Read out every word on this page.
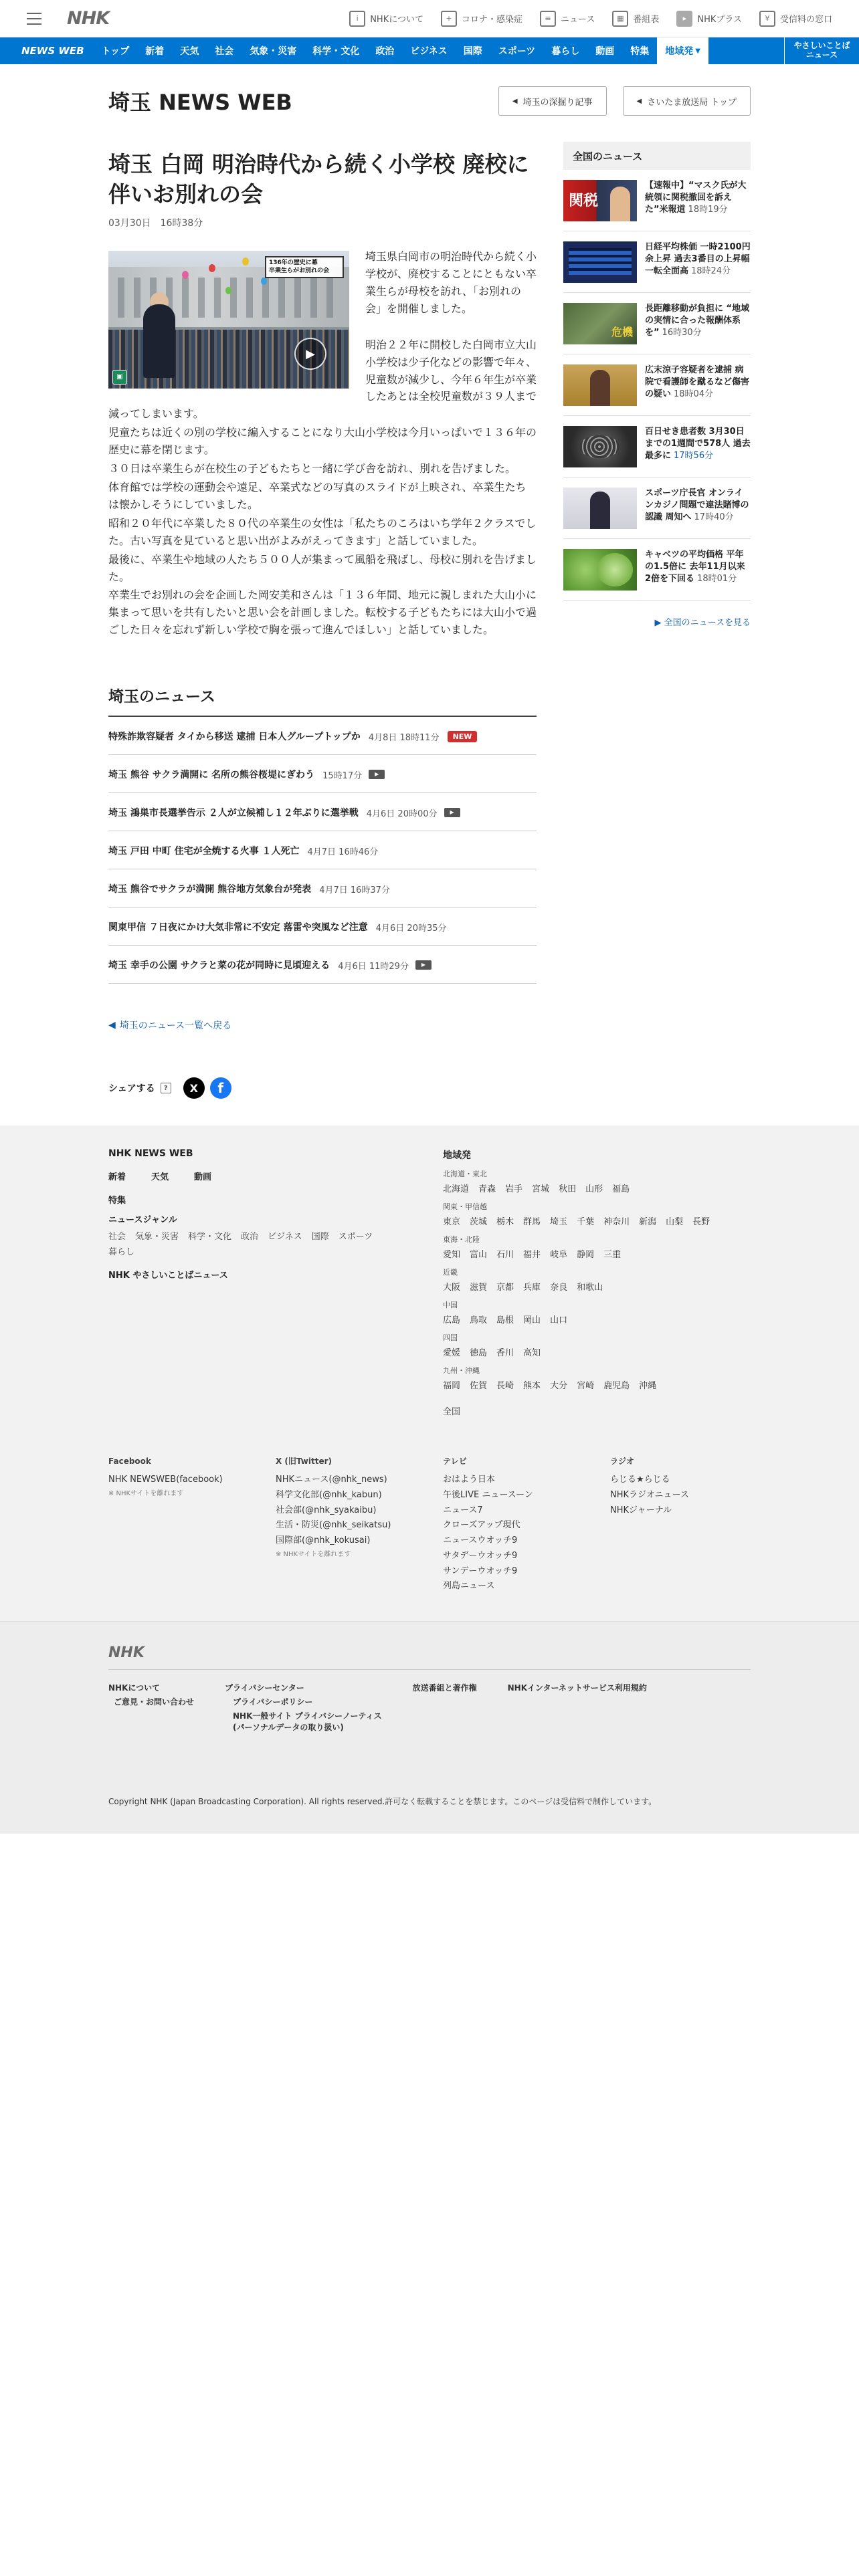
NHK	i	NHKについて	+	コロナ・感染症	≡	ニュース	▦	番組表	▸	NHKプラス	¥	受信料の窓口
NEWS WEB	トップ	新着	天気	社会	気象・災害	科学・文化	政治	ビジネス	国際	スポーツ	暮らし	動画	特集	地域発 ▼
やさしいことば
ニュース
埼玉 NEWS WEB	◀ 埼玉の深掘り記事	◀ さいたま放送局 トップ
埼玉 白岡 明治時代から続く小学校 廃校に伴いお別れの会
03月30日 16時38分
136年の歴史に幕
卒業生らがお別れの会
▶
▣

埼玉県白岡市の明治時代から続く小学校が、廃校することにともない卒業生らが母校を訪れ、「お別れの会」を開催しました。

明治２２年に開校した白岡市立大山小学校は少子化などの影響で年々、児童数が減少し、今年６年生が卒業したあとは全校児童数が３９人まで減ってしまいます。

児童たちは近くの別の学校に編入することになり大山小学校は今月いっぱいで１３６年の歴史に幕を閉じます。

３０日は卒業生らが在校生の子どもたちと一緒に学び舎を訪れ、別れを告げました。

体育館では学校の運動会や遠足、卒業式などの写真のスライドが上映され、卒業生たちは懐かしそうにしていました。

昭和２０年代に卒業した８０代の卒業生の女性は「私たちのころはいち学年２クラスでした。古い写真を見ていると思い出がよみがえってきます」と話していました。

最後に、卒業生や地域の人たち５００人が集まって風船を飛ばし、母校に別れを告げました。

卒業生でお別れの会を企画した岡安美和さんは「１３６年間、地元に親しまれた大山小に集まって思いを共有したいと思い会を計画しました。転校する子どもたちには大山小で過ごした日々を忘れず新しい学校で胸を張って進んでほしい」と話していました。

埼玉のニュース
特殊詐欺容疑者 タイから移送 逮捕 日本人グループトップか 4月8日 18時11分	NEW
埼玉 熊谷 サクラ満開に 名所の熊谷桜堤にぎわう 15時17分	▶
埼玉 鴻巣市長選挙告示 ２人が立候補し１２年ぶりに選挙戦 4月6日 20時00分	▶
埼玉 戸田 中町 住宅が全焼する火事 １人死亡 4月7日 16時46分
埼玉 熊谷でサクラが満開 熊谷地方気象台が発表 4月7日 16時37分
関東甲信 ７日夜にかけ大気非常に不安定 落雷や突風など注意 4月6日 20時35分
埼玉 幸手の公園 サクラと菜の花が同時に見頃迎える 4月6日 11時29分	▶
◀ 埼玉のニュース一覧へ戻る
シェアする	?	X	f
全国のニュース
関税
【速報中】“マスク氏が大統領に関税撤回を訴えた”米報道 18時19分
日経平均株価 一時2100円余上昇 過去3番目の上昇幅 一転全面高 18時24分
危機
長距離移動が負担に “地域の実情に合った報酬体系を” 16時30分
広末涼子容疑者を逮捕 病院で看護師を蹴るなど傷害の疑い 18時04分
百日せき患者数 3月30日までの1週間で578人 過去最多に 17時56分
スポーツ庁長官 オンラインカジノ問題で違法賭博の認識 周知へ 17時40分
キャベツの平均価格 平年の1.5倍に 去年11月以来2倍を下回る 18時01分
▶ 全国のニュースを見る
NHK NEWS WEB
新着	天気	動画
特集
ニュースジャンル
社会 気象・災害 科学・文化 政治 ビジネス 国際 スポーツ
暮らし
NHK やさしいことばニュース
地域発
北海道・東北
北海道 青森 岩手 宮城 秋田 山形 福島
関東・甲信越
東京 茨城 栃木 群馬 埼玉 千葉 神奈川 新潟 山梨 長野
東海・北陸
愛知 富山 石川 福井 岐阜 静岡 三重
近畿
大阪 滋賀 京都 兵庫 奈良 和歌山
中国
広島 鳥取 島根 岡山 山口
四国
愛媛 徳島 香川 高知
九州・沖縄
福岡 佐賀 長崎 熊本 大分 宮崎 鹿児島 沖縄
全国
Facebook
NHK NEWSWEB(facebook)
※ NHKサイトを離れます
X (旧Twitter)
NHKニュース(@nhk_news)
科学文化部(@nhk_kabun)
社会部(@nhk_syakaibu)
生活・防災(@nhk_seikatsu)
国際部(@nhk_kokusai)
※ NHKサイトを離れます
テレビ
おはよう日本
午後LIVE ニュースーン
ニュース7
クローズアップ現代
ニュースウオッチ9
サタデーウオッチ9
サンデーウオッチ9
列島ニュース
ラジオ
らじる★らじる
NHKラジオニュース
NHKジャーナル
NHK
NHKについて
ご意見・お問い合わせ
プライバシーセンター
プライバシーポリシー
NHK一般サイト プライバシーノーティス
(パーソナルデータの取り扱い)
放送番組と著作権	NHKインターネットサービス利用規約
Copyright NHK (Japan Broadcasting Corporation). All rights reserved.許可なく転載することを禁じます。このページは受信料で制作しています。
